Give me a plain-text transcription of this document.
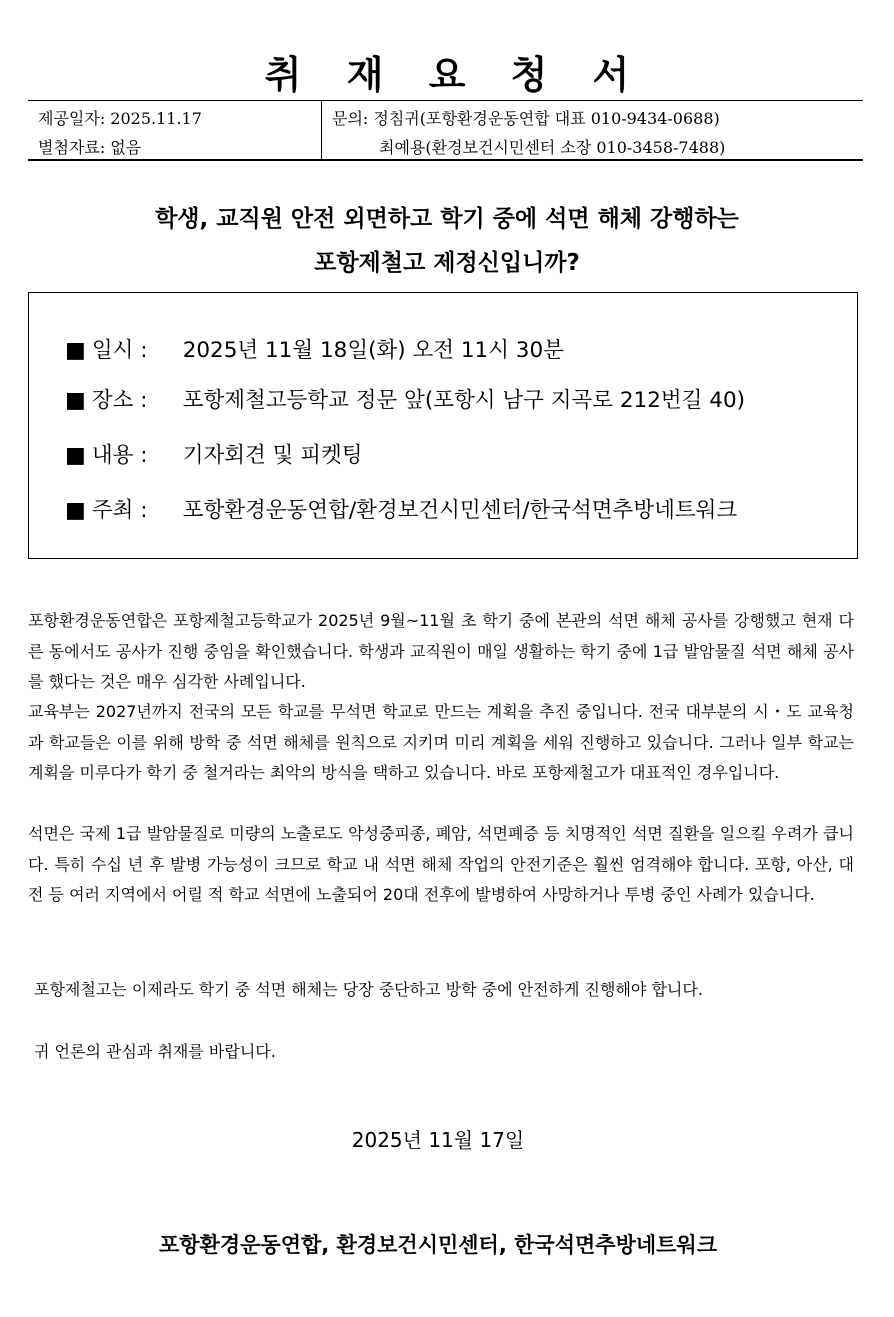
취 재 요 청 서
제공일자: 2025.11.17
별첨자료: 없음
문의: 정침귀(포항환경운동연합 대표 010-9434-0688)
최예용(환경보건시민센터 소장 010-3458-7488)
학생, 교직원 안전 외면하고 학기 중에 석면 해체 강행하는
포항제철고 제정신입니까?
■ 일시 : 2025년 11월 18일(화) 오전 11시 30분
■ 장소 : 포항제철고등학교 정문 앞(포항시 남구 지곡로 212번길 40)
■ 내용 : 기자회견 및 피켓팅
■ 주최 : 포항환경운동연합/환경보건시민센터/한국석면추방네트워크
포항환경운동연합은 포항제철고등학교가 2025년 9월~11월 초 학기 중에 본관의 석면 해체 공사를 강행했고 현재 다른 동에서도 공사가 진행 중임을 확인했습니다. 학생과 교직원이 매일 생활하는 학기 중에 1급 발암물질 석면 해체 공사를 했다는 것은 매우 심각한 사례입니다.
교육부는 2027년까지 전국의 모든 학교를 무석면 학교로 만드는 계획을 추진 중입니다. 전국 대부분의 시・도 교육청과 학교들은 이를 위해 방학 중 석면 해체를 원칙으로 지키며 미리 계획을 세워 진행하고 있습니다. 그러나 일부 학교는 계획을 미루다가 학기 중 철거라는 최악의 방식을 택하고 있습니다. 바로 포항제철고가 대표적인 경우입니다.
석면은 국제 1급 발암물질로 미량의 노출로도 악성중피종, 폐암, 석면폐증 등 치명적인 석면 질환을 일으킬 우려가 큽니다. 특히 수십 년 후 발병 가능성이 크므로 학교 내 석면 해체 작업의 안전기준은 훨씬 엄격해야 합니다. 포항, 아산, 대전 등 여러 지역에서 어릴 적 학교 석면에 노출되어 20대 전후에 발병하여 사망하거나 투병 중인 사례가 있습니다.
포항제철고는 이제라도 학기 중 석면 해체는 당장 중단하고 방학 중에 안전하게 진행해야 합니다.
귀 언론의 관심과 취재를 바랍니다.
2025년 11월 17일
포항환경운동연합, 환경보건시민센터, 한국석면추방네트워크
